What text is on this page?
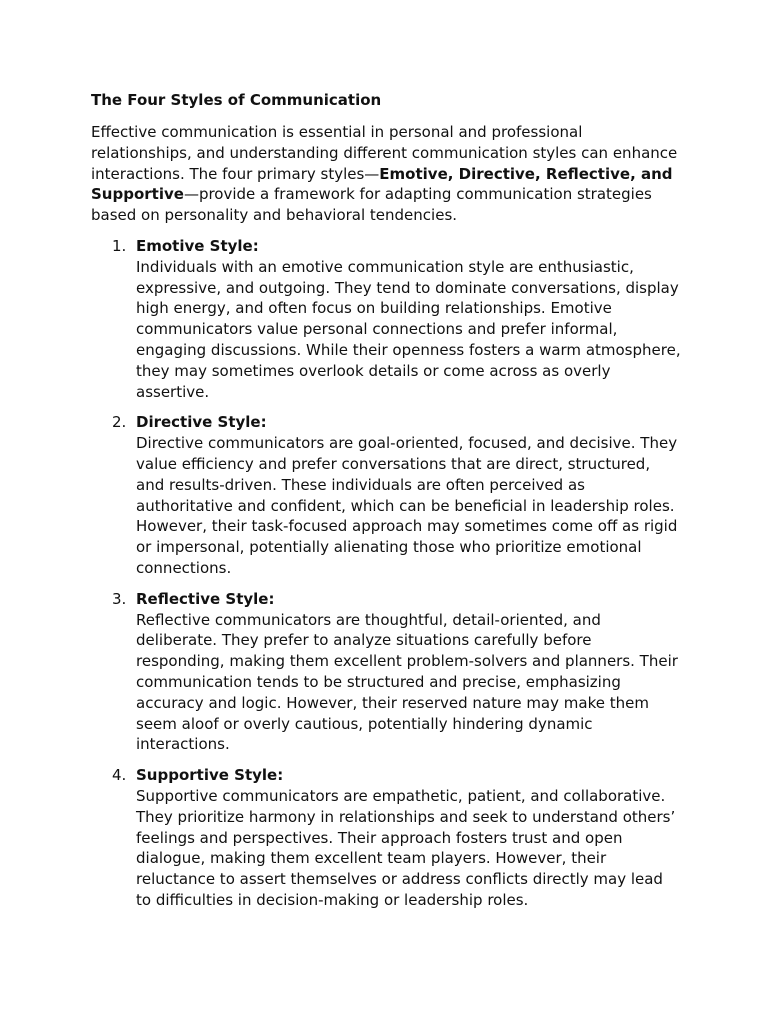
The Four Styles of Communication

Effective communication is essential in personal and professional relationships, and understanding different communication styles can enhance interactions. The four primary styles—Emotive, Directive, Reflective, and Supportive—provide a framework for adapting communication strategies based on personality and behavioral tendencies.

1. Emotive Style:
Individuals with an emotive communication style are enthusiastic, expressive, and outgoing. They tend to dominate conversations, display high energy, and often focus on building relationships. Emotive communicators value personal connections and prefer informal, engaging discussions. While their openness fosters a warm atmosphere, they may sometimes overlook details or come across as overly assertive.
2. Directive Style:
Directive communicators are goal-oriented, focused, and decisive. They value efficiency and prefer conversations that are direct, structured, and results-driven. These individuals are often perceived as authoritative and confident, which can be beneficial in leadership roles. However, their task-focused approach may sometimes come off as rigid or impersonal, potentially alienating those who prioritize emotional connections.
3. Reflective Style:
Reflective communicators are thoughtful, detail-oriented, and deliberate. They prefer to analyze situations carefully before responding, making them excellent problem-solvers and planners. Their communication tends to be structured and precise, emphasizing accuracy and logic. However, their reserved nature may make them seem aloof or overly cautious, potentially hindering dynamic interactions.
4. Supportive Style:
Supportive communicators are empathetic, patient, and collaborative. They prioritize harmony in relationships and seek to understand others’ feelings and perspectives. Their approach fosters trust and open dialogue, making them excellent team players. However, their reluctance to assert themselves or address conflicts directly may lead to difficulties in decision-making or leadership roles.
